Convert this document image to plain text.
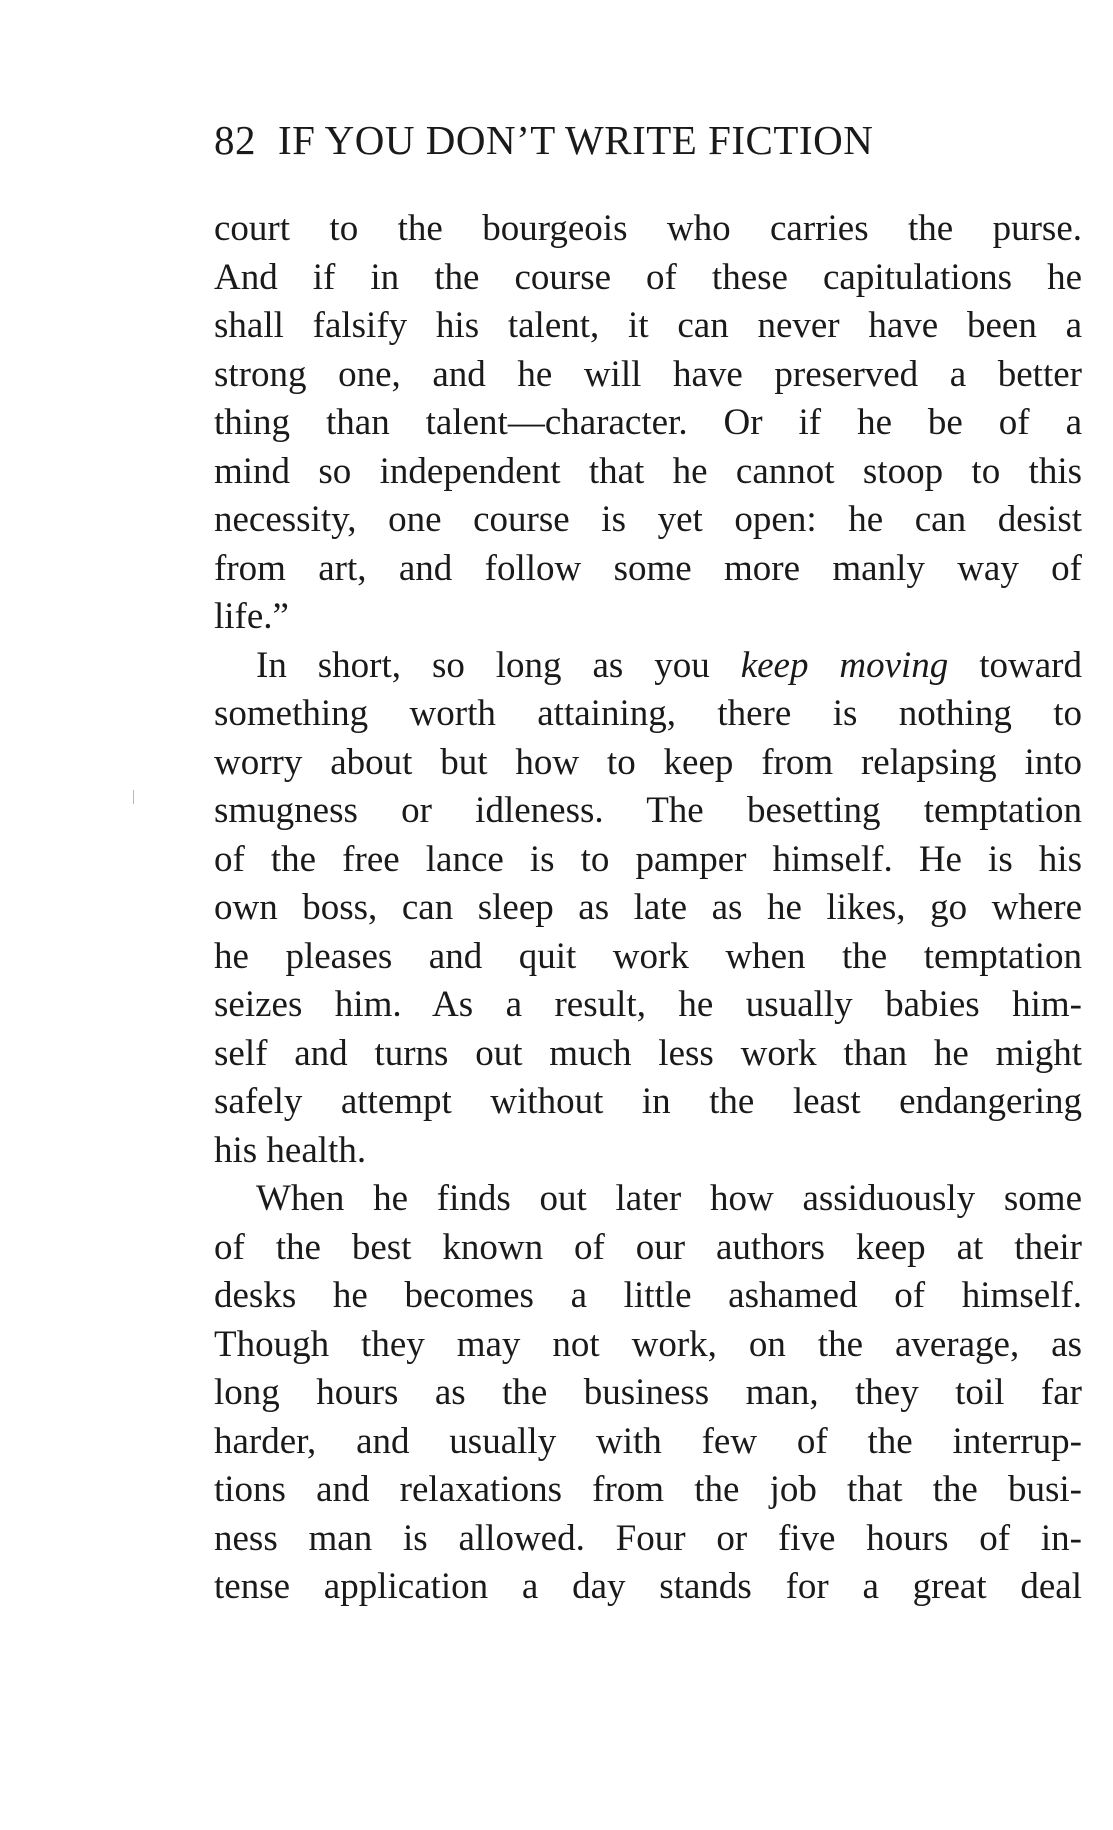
82 IF YOU DON’T WRITE FICTION
court to the bourgeois who carries the purse.
And if in the course of these capitulations he
shall falsify his talent, it can never have been a
strong one, and he will have preserved a better
thing than talent—character. Or if he be of a
mind so independent that he cannot stoop to this
necessity, one course is yet open: he can desist
from art, and follow some more manly way of
life.”
In short, so long as you keep moving toward
something worth attaining, there is nothing to
worry about but how to keep from relapsing into
smugness or idleness. The besetting temptation
of the free lance is to pamper himself. He is his
own boss, can sleep as late as he likes, go where
he pleases and quit work when the temptation
seizes him. As a result, he usually babies him-
self and turns out much less work than he might
safely attempt without in the least endangering
his health.
When he finds out later how assiduously some
of the best known of our authors keep at their
desks he becomes a little ashamed of himself.
Though they may not work, on the average, as
long hours as the business man, they toil far
harder, and usually with few of the interrup-
tions and relaxations from the job that the busi-
ness man is allowed. Four or five hours of in-
tense application a day stands for a great deal
